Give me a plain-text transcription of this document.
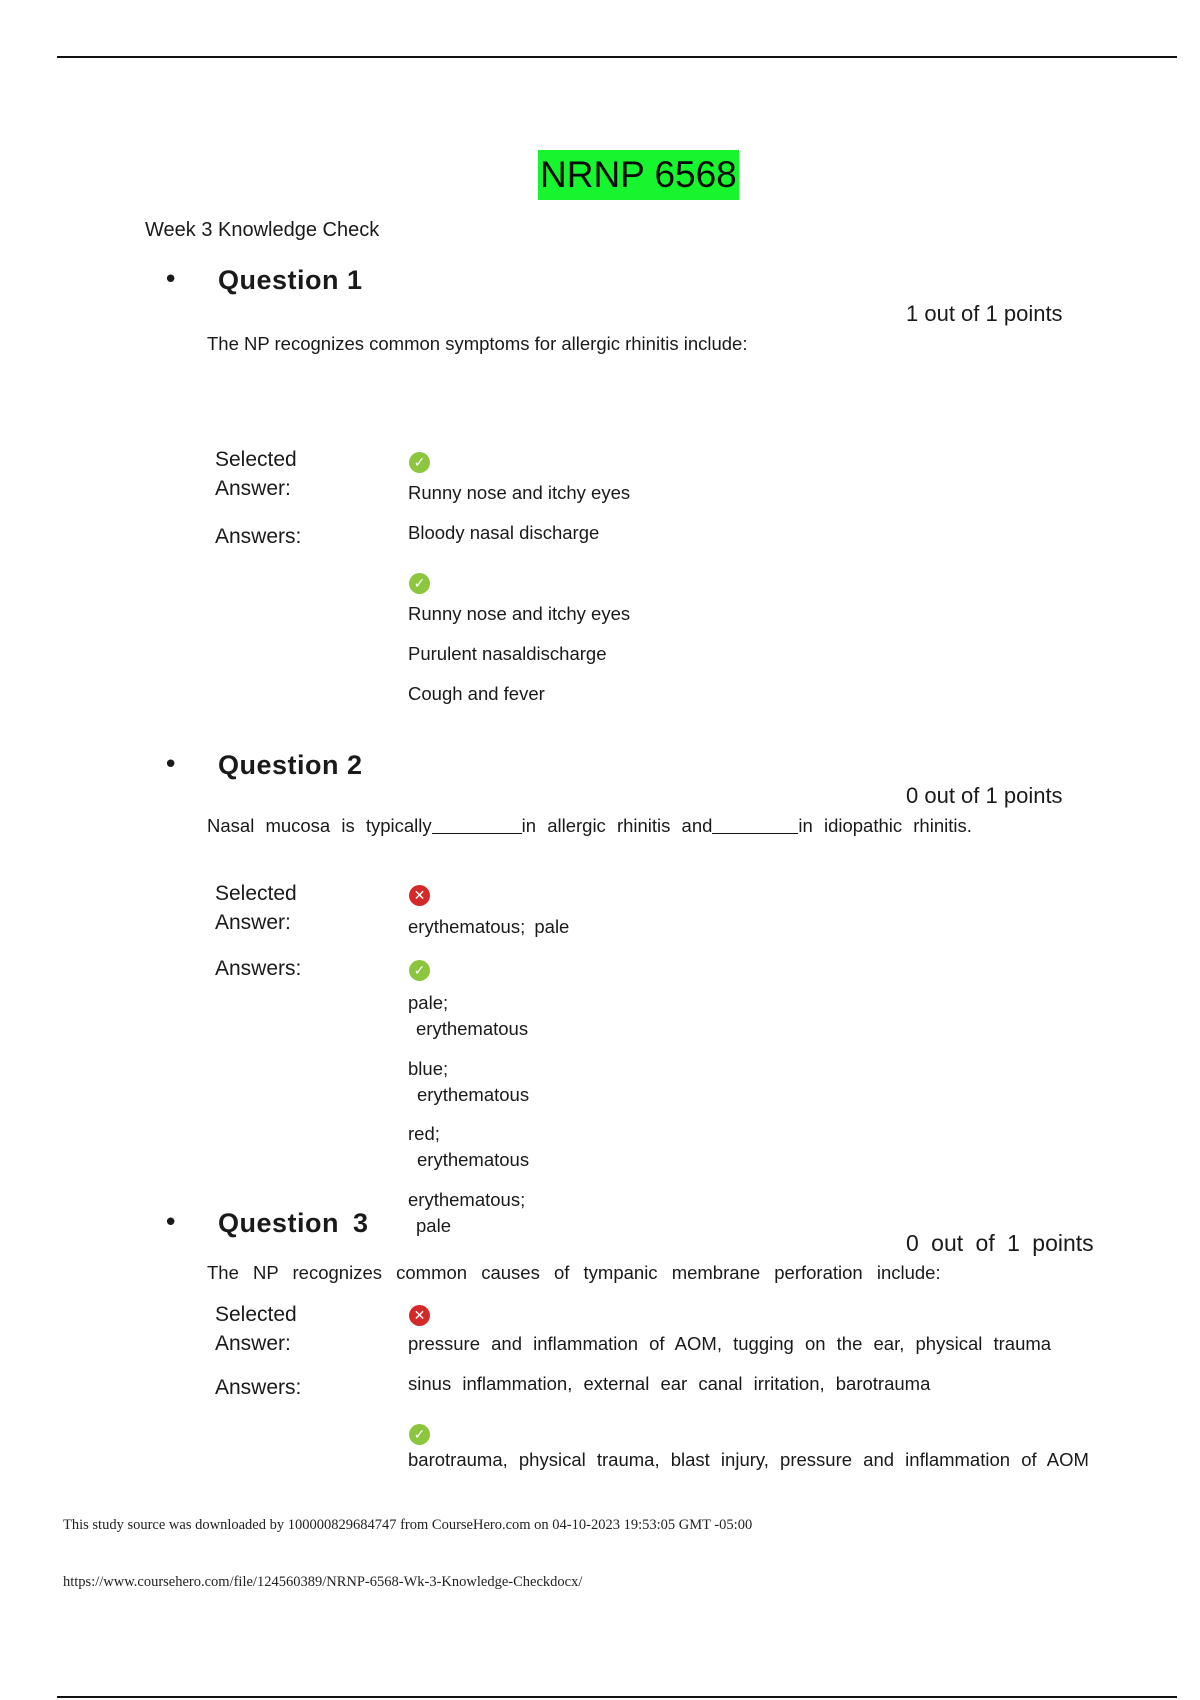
NRNP 6568
Week 3 Knowledge Check
• Question 1
1 out of 1 points
The NP recognizes common symptoms for allergic rhinitis include:
Selected
Answer:
✓
Runny nose and itchy eyes
Answers:	Bloody nasal discharge
✓
Runny nose and itchy eyes
Purulent nasaldischarge
Cough and fever
• Question 2
0 out of 1 points
Nasal mucosa is typically	in allergic rhinitis and	in idiopathic rhinitis.
Selected
Answer:
✕
erythematous; pale
Answers:	✓
pale;
erythematous
blue;
erythematous
red;
erythematous
erythematous;
pale
• Question 3
0 out of 1 points
The NP recognizes common causes of tympanic membrane perforation include:
Selected
Answer:
✕
pressure and inflammation of AOM, tugging on the ear, physical trauma
Answers:	sinus inflammation, external ear canal irritation, barotrauma
✓
barotrauma, physical trauma, blast injury, pressure and inflammation of AOM
This study source was downloaded by 100000829684747 from CourseHero.com on 04-10-2023 19:53:05 GMT -05:00
https://www.coursehero.com/file/124560389/NRNP-6568-Wk-3-Knowledge-Checkdocx/
